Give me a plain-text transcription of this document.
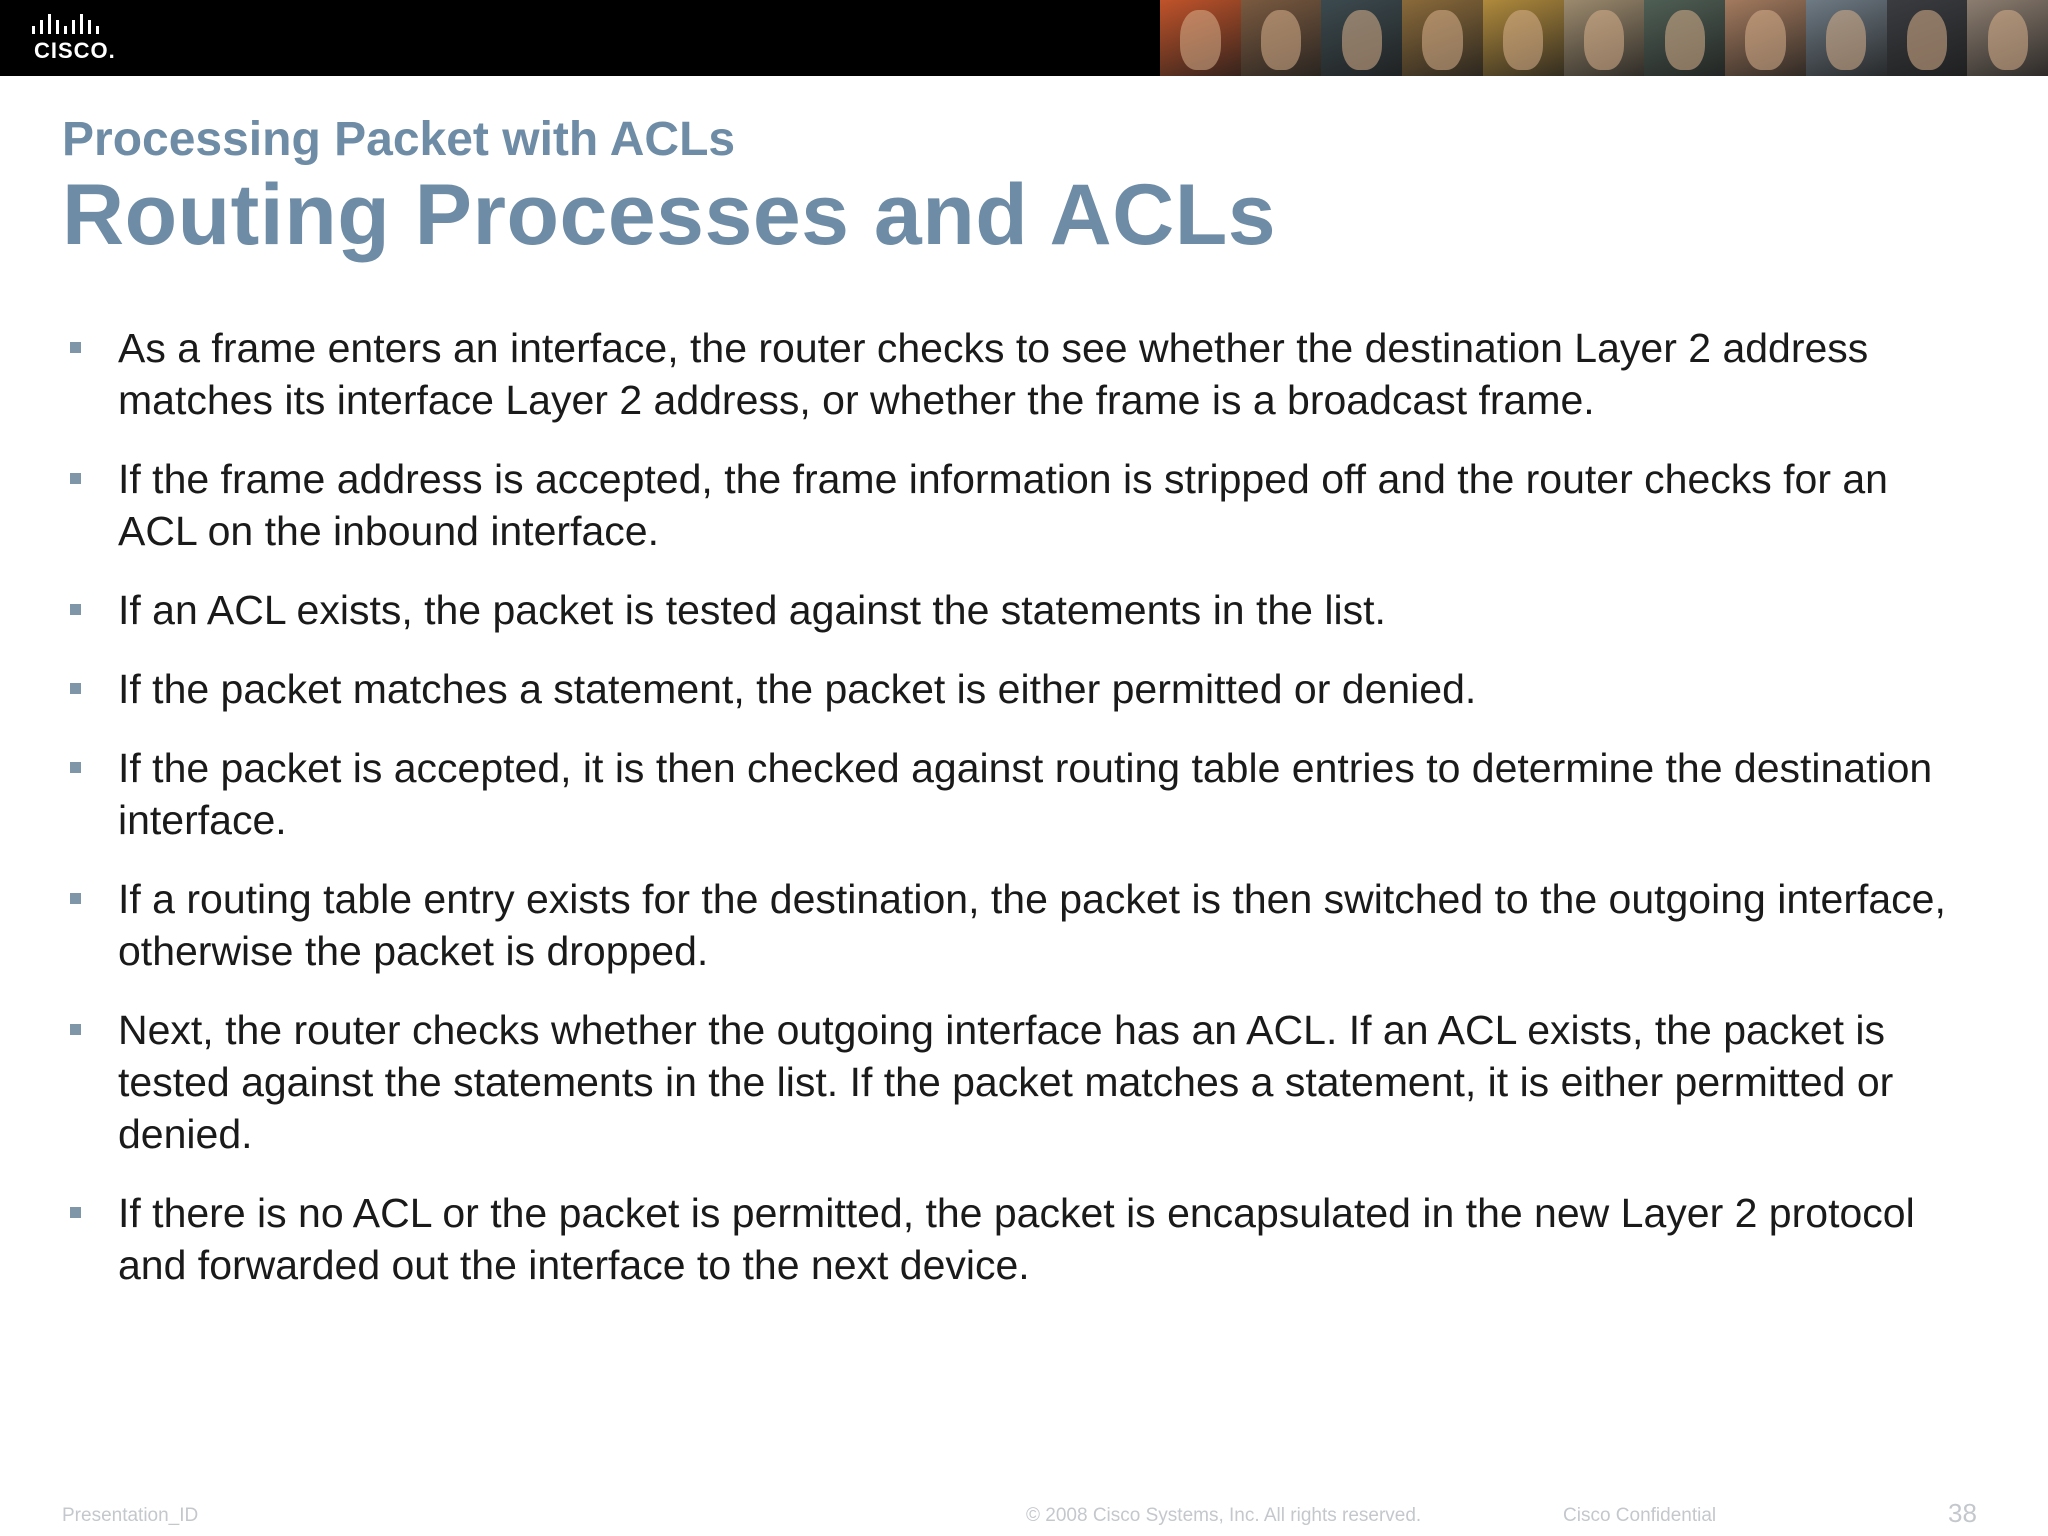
CISCO.
Processing Packet with ACLs
Routing Processes and ACLs
As a frame enters an interface, the router checks to see whether the destination Layer 2 address matches its interface Layer 2 address, or whether the frame is a broadcast frame.
If the frame address is accepted, the frame information is stripped off and the router checks for an ACL on the inbound interface.
If an ACL exists, the packet is tested against the statements in the list.
If the packet matches a statement, the packet is either permitted or denied.
If the packet is accepted, it is then checked against routing table entries to determine the destination interface.
If a routing table entry exists for the destination, the packet is then switched to the outgoing interface, otherwise the packet is dropped.
Next, the router checks whether the outgoing interface has an ACL. If an ACL exists, the packet is tested against the statements in the list. If the packet matches a statement, it is either permitted or denied.
If there is no ACL or the packet is permitted, the packet is encapsulated in the new Layer 2 protocol and forwarded out the interface to the next device.
Presentation_ID	© 2008 Cisco Systems, Inc. All rights reserved.	Cisco Confidential	38
